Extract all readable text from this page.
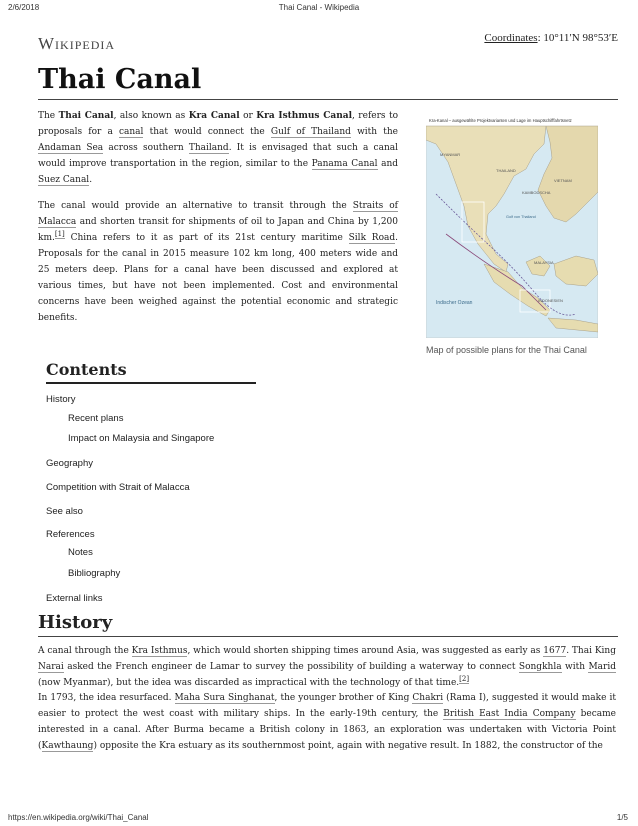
2/6/2018	Thai Canal - Wikipedia
Wikipedia	Coordinates: 10°11′N 98°53′E
Thai Canal

The Thai Canal, also known as Kra Canal or Kra Isthmus Canal, refers to proposals for a canal that would connect the Gulf of Thailand with the Andaman Sea across southern Thailand. It is envisaged that such a canal would improve transportation in the region, similar to the Panama Canal and Suez Canal.

The canal would provide an alternative to transit through the Straits of Malacca and shorten transit for shipments of oil to Japan and China by 1,200 km.[1] China refers to it as part of its 21st century maritime Silk Road. Proposals for the canal in 2015 measure 102 km long, 400 meters wide and 25 meters deep. Plans for a canal have been discussed and explored at various times, but have not been implemented. Cost and environmental concerns have been weighed against the potential economic and strategic benefits.

Kra-Kanal – ausgewählte Projektvarianten und Lage im Hauptschifffahrtsnetz
MYANMAR
THAILAND
KAMBODSCHA
VIETNAM
Golf von Thailand
MALAYSIA
INDONESIEN
Indischer Ozean
Map of possible plans for the Thai Canal
Contents
History
Recent plans
Impact on Malaysia and Singapore
Geography
Competition with Strait of Malacca
See also
References
Notes
Bibliography
External links
History

A canal through the Kra Isthmus, which would shorten shipping times around Asia, was suggested as early as 1677. Thai King Narai asked the French engineer de Lamar to survey the possibility of building a waterway to connect Songkhla with Marid (now Myanmar), but the idea was discarded as impractical with the technology of that time.[2]

In 1793, the idea resurfaced. Maha Sura Singhanat, the younger brother of King Chakri (Rama I), suggested it would make it easier to protect the west coast with military ships. In the early-19th century, the British East India Company became interested in a canal. After Burma became a British colony in 1863, an exploration was undertaken with Victoria Point (Kawthaung) opposite the Kra estuary as its southernmost point, again with negative result. In 1882, the constructor of the

https://en.wikipedia.org/wiki/Thai_Canal	1/5
